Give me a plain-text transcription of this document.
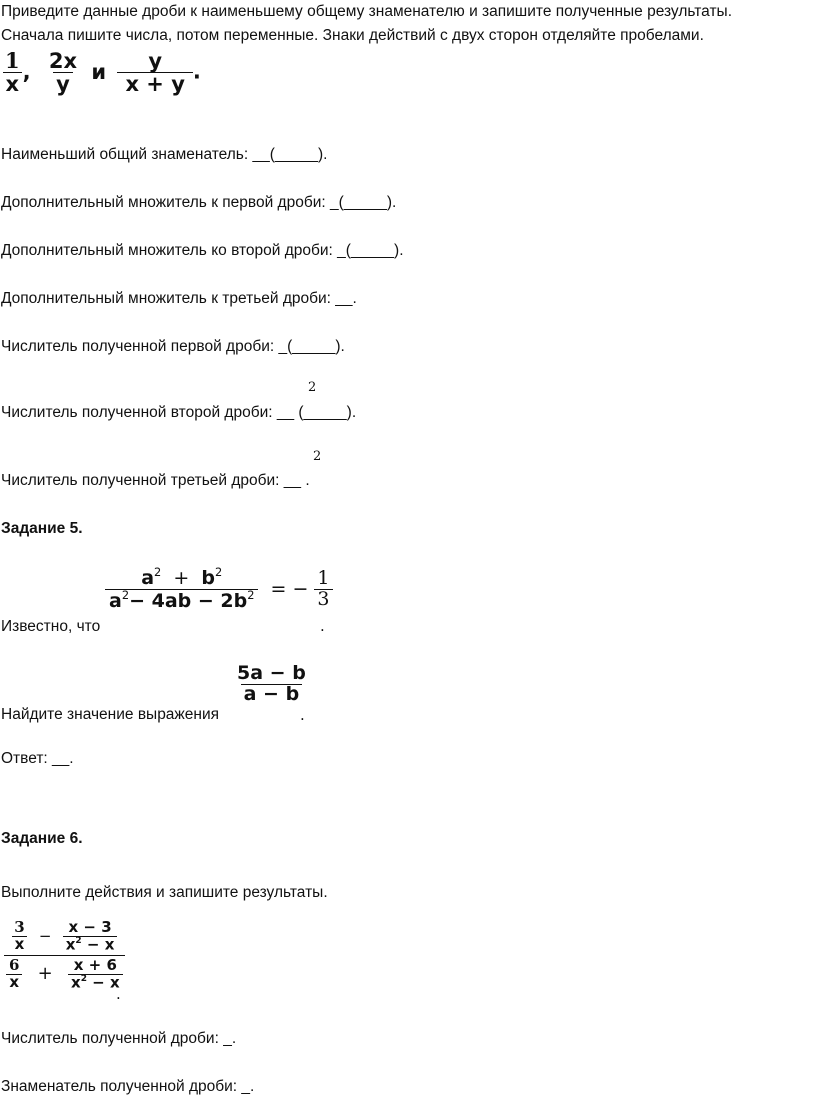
Приведите данные дроби к наименьшему общему знаменателю и запишите полученные результаты.
Сначала пишите числа, потом переменные. Знаки действий с двух сторон отделяйте пробелами.
$\frac{1}{x}$ , $\frac{2x}{y}$ и $\frac{y}{x + y}$ .
Наименьший общий знаменатель: __(_____).
Дополнительный множитель к первой дроби: _(_____).
Дополнительный множитель ко второй дроби: _(_____).
Дополнительный множитель к третьей дроби: __.
Числитель полученной первой дроби: _(_____).
2
Числитель полученной второй дроби: __ (_____).
2
Числитель полученной третьей дроби: __ .
Задание 5.
Известно, что
$\frac{a^2 + b^2}{a^2- 4ab - 2b^2}$ = − $\frac{1}{3}$
.
Найдите значение выражения
$\frac{5a - b}{a - b}$
.
Ответ: __.
Задание 6.
Выполните действия и запишите результаты.
$\frac{3}{x} - \frac{x - 3}{x^2 - x}$
$\frac{6}{x} + \frac{x + 6}{x^2 - x}$
.
Числитель полученной дроби: _.
Знаменатель полученной дроби: _.
